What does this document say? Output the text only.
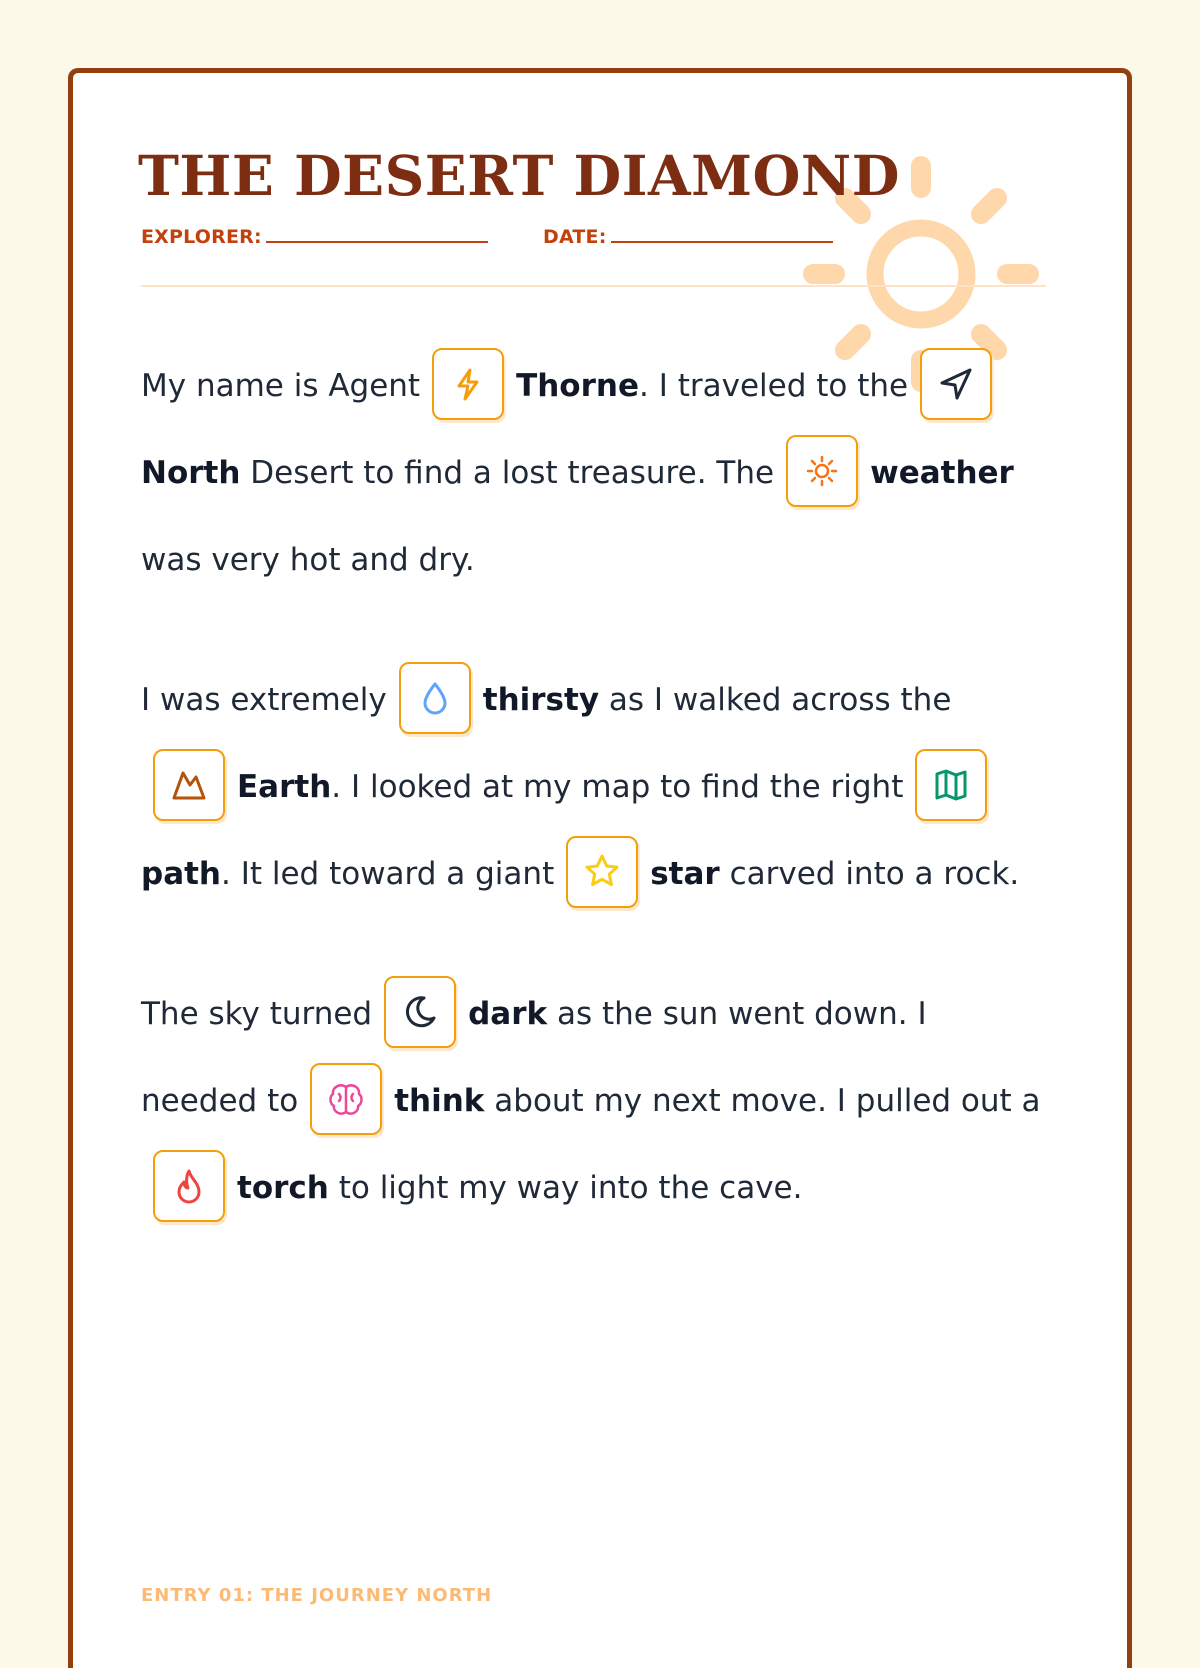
THE DESERT DIAMOND
EXPLORER:	DATE:

My name is Agent	Thorne. I traveled to the
North Desert to find a lost treasure. The	weather was very hot and dry.

I was extremely	thirsty as I walked across the
Earth. I looked at my map to find the right
path. It led toward a giant	star carved into a rock.

The sky turned	dark as the sun went down. I needed to	think about my next move. I pulled out a
torch to light my way into the cave.

ENTRY 01: THE JOURNEY NORTH
